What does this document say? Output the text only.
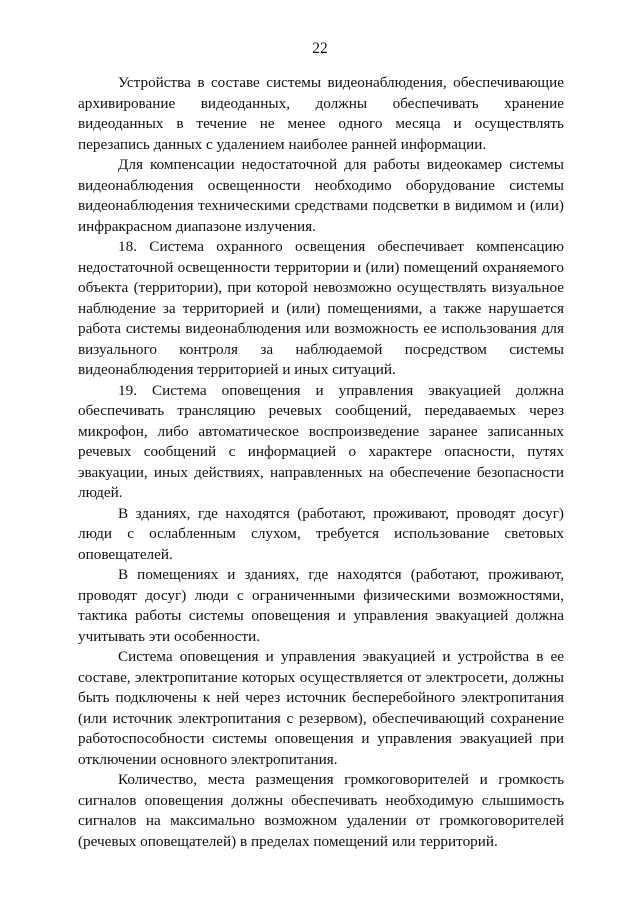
22

Устройства в составе системы видеонаблюдения, обеспечивающие архивирование видеоданных, должны обеспечивать хранение видеоданных в течение не менее одного месяца и осуществлять перезапись данных с удалением наиболее ранней информации.

Для компенсации недостаточной для работы видеокамер системы видеонаблюдения освещенности необходимо оборудование системы видеонаблюдения техническими средствами подсветки в видимом и (или) инфракрасном диапазоне излучения.

18. Система охранного освещения обеспечивает компенсацию недостаточной освещенности территории и (или) помещений охраняемого объекта (территории), при которой невозможно осуществлять визуальное наблюдение за территорией и (или) помещениями, а также нарушается работа системы видеонаблюдения или возможность ее использования для визуального контроля за наблюдаемой посредством системы видеонаблюдения территорией и иных ситуаций.

19. Система оповещения и управления эвакуацией должна обеспечивать трансляцию речевых сообщений, передаваемых через микрофон, либо автоматическое воспроизведение заранее записанных речевых сообщений с информацией о характере опасности, путях эвакуации, иных действиях, направленных на обеспечение безопасности людей.

В зданиях, где находятся (работают, проживают, проводят досуг) люди с ослабленным слухом, требуется использование световых оповещателей.

В помещениях и зданиях, где находятся (работают, проживают, проводят досуг) люди с ограниченными физическими возможностями, тактика работы системы оповещения и управления эвакуацией должна учитывать эти особенности.

Система оповещения и управления эвакуацией и устройства в ее составе, электропитание которых осуществляется от электросети, должны быть подключены к ней через источник бесперебойного электропитания (или источник электропитания с резервом), обеспечивающий сохранение работоспособности системы оповещения и управления эвакуацией при отключении основного электропитания.

Количество, места размещения громкоговорителей и громкость сигналов оповещения должны обеспечивать необходимую слышимость сигналов на максимально возможном удалении от громкоговорителей (речевых оповещателей) в пределах помещений или территорий.
